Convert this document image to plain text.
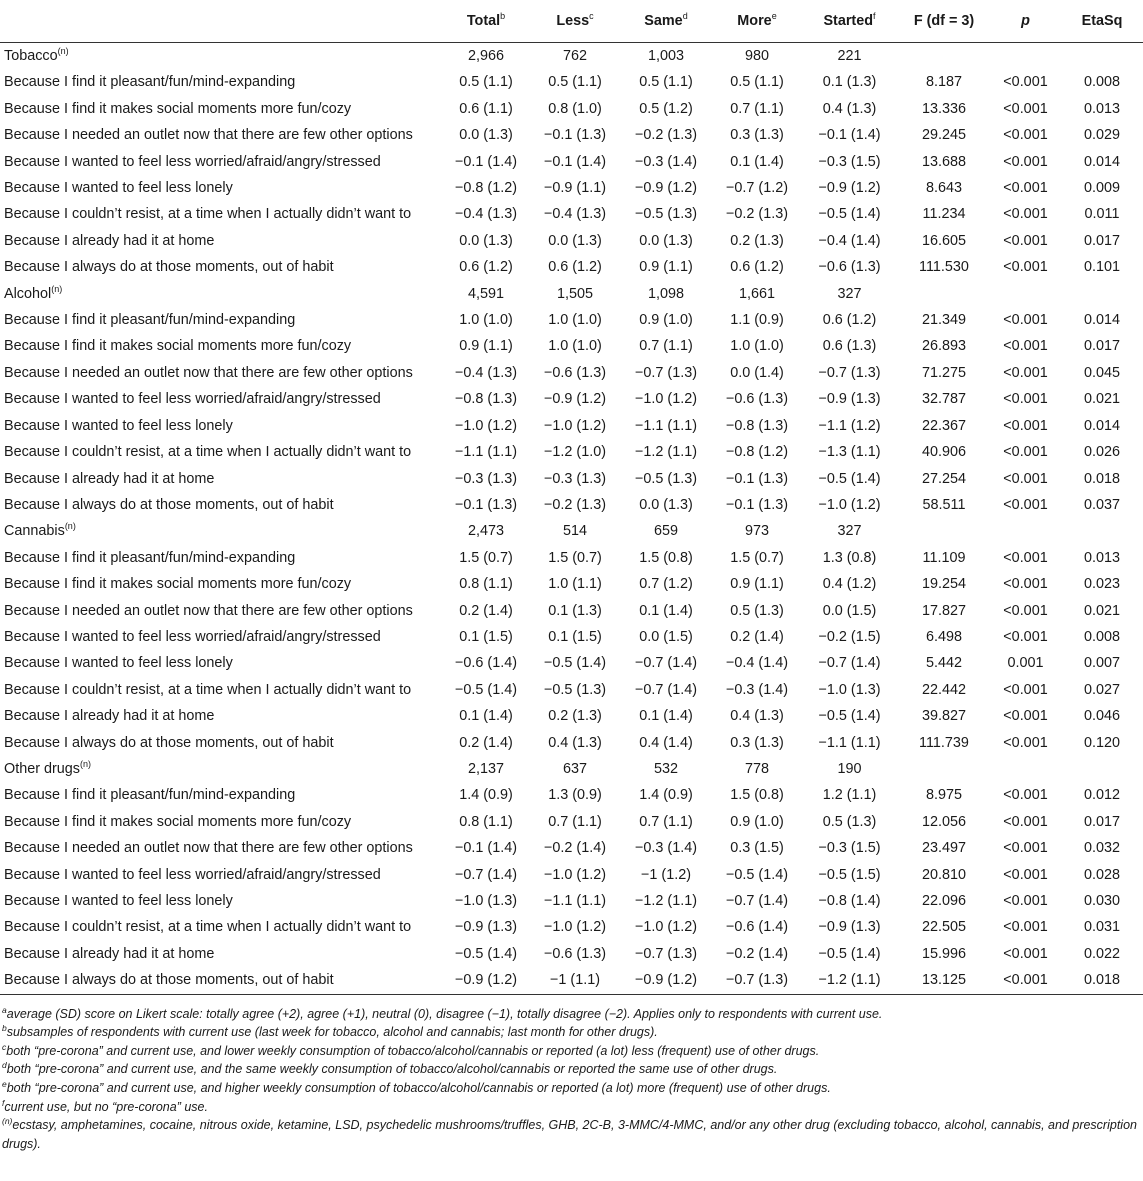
	Total$^b$	Less$^c$	Same$^d$	More$^e$	Started$^f$	F (df = 3)	p	EtaSq
Tobacco$^{(n)}$	2,966	762	1,003	980	221			
Because I find it pleasant/fun/mind-expanding	0.5 (1.1)	0.5 (1.1)	0.5 (1.1)	0.5 (1.1)	0.1 (1.3)	8.187	<0.001	0.008
Because I find it makes social moments more fun/cozy	0.6 (1.1)	0.8 (1.0)	0.5 (1.2)	0.7 (1.1)	0.4 (1.3)	13.336	<0.001	0.013
Because I needed an outlet now that there are few other options	0.0 (1.3)	−0.1 (1.3)	−0.2 (1.3)	0.3 (1.3)	−0.1 (1.4)	29.245	<0.001	0.029
Because I wanted to feel less worried/afraid/angry/stressed	−0.1 (1.4)	−0.1 (1.4)	−0.3 (1.4)	0.1 (1.4)	−0.3 (1.5)	13.688	<0.001	0.014
Because I wanted to feel less lonely	−0.8 (1.2)	−0.9 (1.1)	−0.9 (1.2)	−0.7 (1.2)	−0.9 (1.2)	8.643	<0.001	0.009
Because I couldn’t resist, at a time when I actually didn’t want to	−0.4 (1.3)	−0.4 (1.3)	−0.5 (1.3)	−0.2 (1.3)	−0.5 (1.4)	11.234	<0.001	0.011
Because I already had it at home	0.0 (1.3)	0.0 (1.3)	0.0 (1.3)	0.2 (1.3)	−0.4 (1.4)	16.605	<0.001	0.017
Because I always do at those moments, out of habit	0.6 (1.2)	0.6 (1.2)	0.9 (1.1)	0.6 (1.2)	−0.6 (1.3)	111.530	<0.001	0.101
Alcohol$^{(n)}$	4,591	1,505	1,098	1,661	327			
Because I find it pleasant/fun/mind-expanding	1.0 (1.0)	1.0 (1.0)	0.9 (1.0)	1.1 (0.9)	0.6 (1.2)	21.349	<0.001	0.014
Because I find it makes social moments more fun/cozy	0.9 (1.1)	1.0 (1.0)	0.7 (1.1)	1.0 (1.0)	0.6 (1.3)	26.893	<0.001	0.017
Because I needed an outlet now that there are few other options	−0.4 (1.3)	−0.6 (1.3)	−0.7 (1.3)	0.0 (1.4)	−0.7 (1.3)	71.275	<0.001	0.045
Because I wanted to feel less worried/afraid/angry/stressed	−0.8 (1.3)	−0.9 (1.2)	−1.0 (1.2)	−0.6 (1.3)	−0.9 (1.3)	32.787	<0.001	0.021
Because I wanted to feel less lonely	−1.0 (1.2)	−1.0 (1.2)	−1.1 (1.1)	−0.8 (1.3)	−1.1 (1.2)	22.367	<0.001	0.014
Because I couldn’t resist, at a time when I actually didn’t want to	−1.1 (1.1)	−1.2 (1.0)	−1.2 (1.1)	−0.8 (1.2)	−1.3 (1.1)	40.906	<0.001	0.026
Because I already had it at home	−0.3 (1.3)	−0.3 (1.3)	−0.5 (1.3)	−0.1 (1.3)	−0.5 (1.4)	27.254	<0.001	0.018
Because I always do at those moments, out of habit	−0.1 (1.3)	−0.2 (1.3)	0.0 (1.3)	−0.1 (1.3)	−1.0 (1.2)	58.511	<0.001	0.037
Cannabis$^{(n)}$	2,473	514	659	973	327			
Because I find it pleasant/fun/mind-expanding	1.5 (0.7)	1.5 (0.7)	1.5 (0.8)	1.5 (0.7)	1.3 (0.8)	11.109	<0.001	0.013
Because I find it makes social moments more fun/cozy	0.8 (1.1)	1.0 (1.1)	0.7 (1.2)	0.9 (1.1)	0.4 (1.2)	19.254	<0.001	0.023
Because I needed an outlet now that there are few other options	0.2 (1.4)	0.1 (1.3)	0.1 (1.4)	0.5 (1.3)	0.0 (1.5)	17.827	<0.001	0.021
Because I wanted to feel less worried/afraid/angry/stressed	0.1 (1.5)	0.1 (1.5)	0.0 (1.5)	0.2 (1.4)	−0.2 (1.5)	6.498	<0.001	0.008
Because I wanted to feel less lonely	−0.6 (1.4)	−0.5 (1.4)	−0.7 (1.4)	−0.4 (1.4)	−0.7 (1.4)	5.442	0.001	0.007
Because I couldn’t resist, at a time when I actually didn’t want to	−0.5 (1.4)	−0.5 (1.3)	−0.7 (1.4)	−0.3 (1.4)	−1.0 (1.3)	22.442	<0.001	0.027
Because I already had it at home	0.1 (1.4)	0.2 (1.3)	0.1 (1.4)	0.4 (1.3)	−0.5 (1.4)	39.827	<0.001	0.046
Because I always do at those moments, out of habit	0.2 (1.4)	0.4 (1.3)	0.4 (1.4)	0.3 (1.3)	−1.1 (1.1)	111.739	<0.001	0.120
Other drugs$^{(n)}$	2,137	637	532	778	190			
Because I find it pleasant/fun/mind-expanding	1.4 (0.9)	1.3 (0.9)	1.4 (0.9)	1.5 (0.8)	1.2 (1.1)	8.975	<0.001	0.012
Because I find it makes social moments more fun/cozy	0.8 (1.1)	0.7 (1.1)	0.7 (1.1)	0.9 (1.0)	0.5 (1.3)	12.056	<0.001	0.017
Because I needed an outlet now that there are few other options	−0.1 (1.4)	−0.2 (1.4)	−0.3 (1.4)	0.3 (1.5)	−0.3 (1.5)	23.497	<0.001	0.032
Because I wanted to feel less worried/afraid/angry/stressed	−0.7 (1.4)	−1.0 (1.2)	−1 (1.2)	−0.5 (1.4)	−0.5 (1.5)	20.810	<0.001	0.028
Because I wanted to feel less lonely	−1.0 (1.3)	−1.1 (1.1)	−1.2 (1.1)	−0.7 (1.4)	−0.8 (1.4)	22.096	<0.001	0.030
Because I couldn’t resist, at a time when I actually didn’t want to	−0.9 (1.3)	−1.0 (1.2)	−1.0 (1.2)	−0.6 (1.4)	−0.9 (1.3)	22.505	<0.001	0.031
Because I already had it at home	−0.5 (1.4)	−0.6 (1.3)	−0.7 (1.3)	−0.2 (1.4)	−0.5 (1.4)	15.996	<0.001	0.022
Because I always do at those moments, out of habit	−0.9 (1.2)	−1 (1.1)	−0.9 (1.2)	−0.7 (1.3)	−1.2 (1.1)	13.125	<0.001	0.018
$^a$average (SD) score on Likert scale: totally agree (+2), agree (+1), neutral (0), disagree (−1), totally disagree (−2). Applies only to respondents with current use.
$^b$subsamples of respondents with current use (last week for tobacco, alcohol and cannabis; last month for other drugs).
$^c$both “pre-corona” and current use, and lower weekly consumption of tobacco/alcohol/cannabis or reported (a lot) less (frequent) use of other drugs.
$^d$both “pre-corona” and current use, and the same weekly consumption of tobacco/alcohol/cannabis or reported the same use of other drugs.
$^e$both “pre-corona” and current use, and higher weekly consumption of tobacco/alcohol/cannabis or reported (a lot) more (frequent) use of other drugs.
$^f$current use, but no “pre-corona” use.
$^{(n)}$ecstasy, amphetamines, cocaine, nitrous oxide, ketamine, LSD, psychedelic mushrooms/truffles, GHB, 2C-B, 3-MMC/4-MMC, and/or any other drug (excluding tobacco, alcohol, cannabis, and prescription drugs).
